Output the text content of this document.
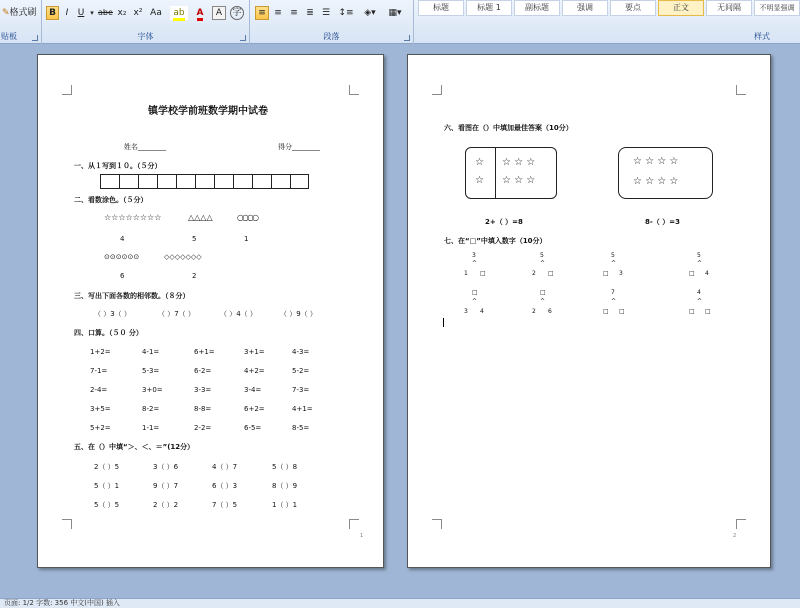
✎格式刷
贴板
B	I	U ▾ abe x₂ x² Aa	ab	A	A	字
字体
≡ ≡ ≡ ≣ ☰ ↕≡	◈▾	▦▾
段落
标题	标题 1	副标题	强调	要点	正文	无间隔	不明显强调
样式
镇学校学前班数学期中试卷
姓名________	得分________
一、从１写到１０。（５分）
二、看数涂色。（５分）
☆☆☆☆☆☆☆☆	△△△△	○○○○
4	5	1
⊙⊙⊙⊙⊙⊙	◇◇◇◇◇◇◇
6	2
三、写出下面各数的相邻数。（８分）
（ ）3（ ）	（ ）7（ ）	（ ）4（ ）	（ ）9（ ）
四、口算。（５０ 分）
1+2=	4-1=	6+1=	3+1=	4-3=
7-1=	5-3=	6-2=	4+2=	5-2=
2-4=	3+0=	3-3=	3-4=	7-3=
3+5=	8-2=	8-8=	6+2=	4+1=
5+2=	1-1=	2-2=	6-5=	8-5=
五、在（）中填“＞、＜、＝”(12分）
2（ ）5	3（ ）6	4（ ）7	5（ ）8
5（ ）1	9（ ）7	6（ ）3	8（ ）9
5（ ）5	2（ ）2	7（ ）5	1（ ）1
1
六、看图在（）中填加最佳答案（10分）
☆
☆
☆ ☆ ☆
☆ ☆ ☆
☆ ☆ ☆ ☆
☆ ☆ ☆ ☆
2+（ ）=8	8-（ ）=3
七、在“□”中填入数字（10分）
3
^
1 □
5
^
2 □
5
^
□ 3
5
^
□ 4
□
^
3 4
□
^
2 6
7
^
□ □
4
^
□ □
2
页面: 1/2 字数: 356 中文(中国) 插入
